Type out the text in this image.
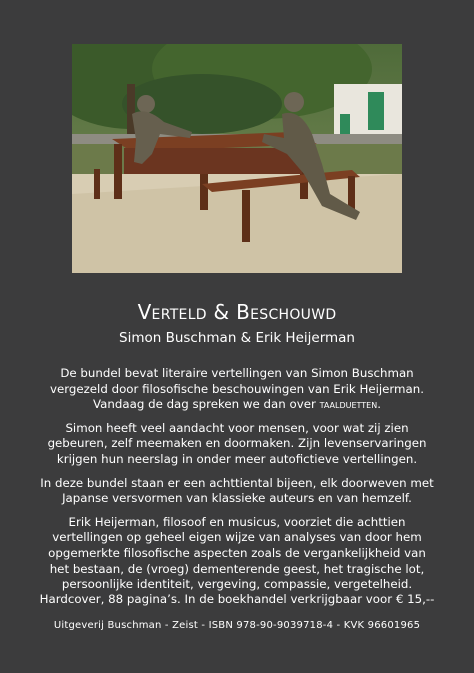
Verteld & Beschouwd
Simon Buschman & Erik Heijerman

De bundel bevat literaire vertellingen van Simon Buschman vergezeld door filosofische beschouwingen van Erik Heijerman. Vandaag de dag spreken we dan over taalduetten.

Simon heeft veel aandacht voor mensen, voor wat zij zien gebeuren, zelf meemaken en doormaken. Zijn levenservaringen krijgen hun neerslag in onder meer autofictieve vertellingen.

In deze bundel staan er een achttiental bijeen, elk doorweven met Japanse versvormen van klassieke auteurs en van hemzelf.

Erik Heijerman, filosoof en musicus, voorziet die achttien vertellingen op geheel eigen wijze van analyses van door hem opgemerkte filosofische aspecten zoals de vergankelijkheid van het bestaan, de (vroeg) dementerende geest, het tragische lot, persoonlijke identiteit, vergeving, compassie, vergetelheid.

Hardcover, 88 pagina’s. In de boekhandel verkrijgbaar voor € 15,--
Uitgeverij Buschman - Zeist - ISBN 978-90-9039718-4 - KVK 96601965
